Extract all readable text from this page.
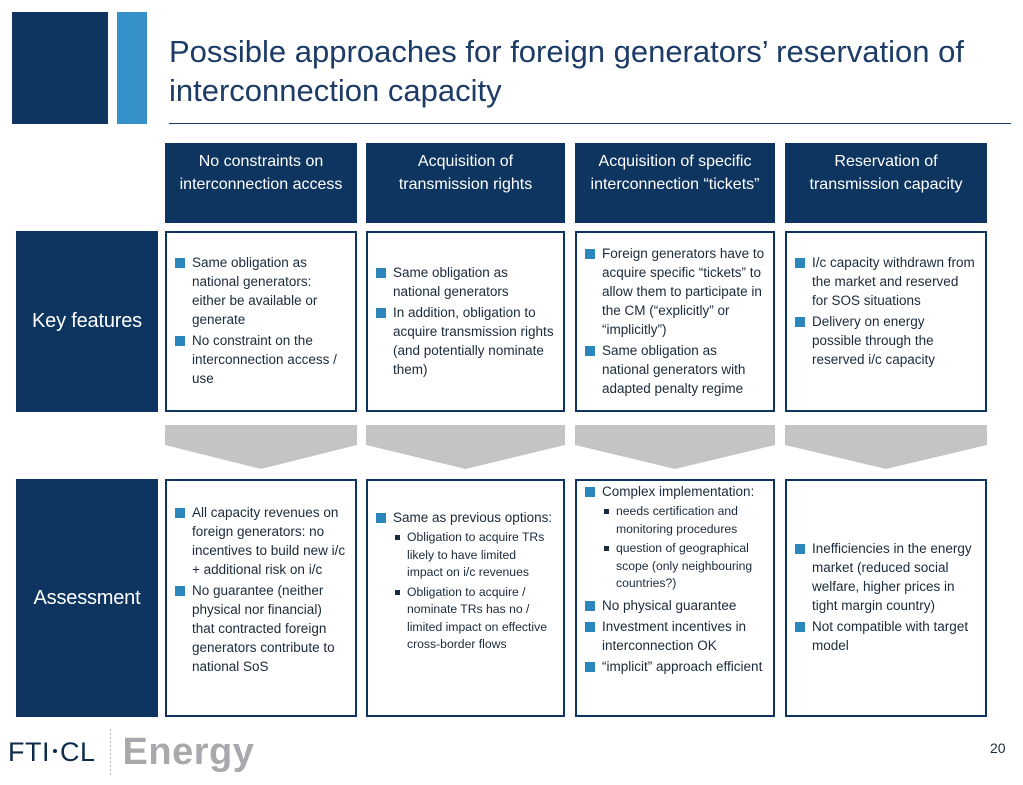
Possible approaches for foreign generators’ reservation of interconnection capacity
No constraints on interconnection access
Acquisition of transmission rights
Acquisition of specific interconnection “tickets”
Reservation of transmission capacity
Key features
Assessment
Same obligation as national generators: either be available or generate
No constraint on the interconnection access / use
Same obligation as national generators
In addition, obligation to acquire transmission rights (and potentially nominate them)
Foreign generators have to acquire specific “tickets” to allow them to participate in the CM (“explicitly” or “implicitly”)
Same obligation as national generators with adapted penalty regime
I/c capacity withdrawn from the market and reserved for SOS situations
Delivery on energy possible through the reserved i/c capacity
All capacity revenues on foreign generators: no incentives to build new i/c + additional risk on i/c
No guarantee (neither physical nor financial) that contracted foreign generators contribute to national SoS
Same as previous options:
Obligation to acquire TRs likely to have limited impact on i/c revenues
Obligation to acquire / nominate TRs has no / limited impact on effective cross-border flows
Complex implementation:
needs certification and monitoring procedures
question of geographical scope (only neighbouring countries?)
No physical guarantee
Investment incentives in interconnection OK
“implicit” approach efficient
Inefficiencies in the energy market (reduced social welfare, higher prices in tight margin country)
Not compatible with target model
FTI CL Energy	20
